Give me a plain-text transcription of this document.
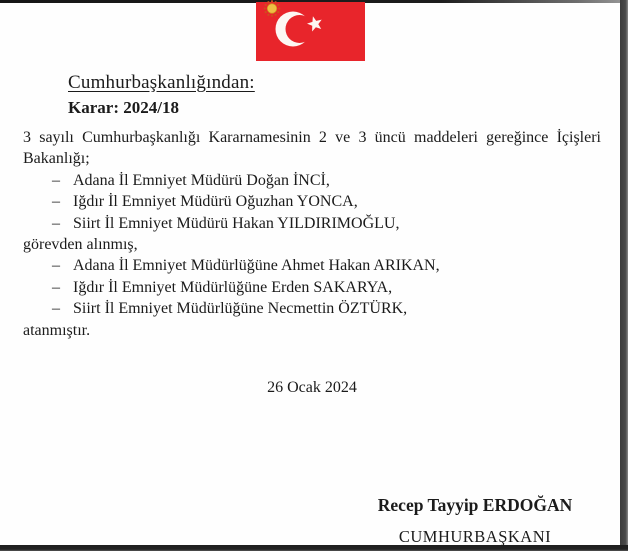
Cumhurbaşkanlığından:
Karar: 2024/18
3 sayılı Cumhurbaşkanlığı Kararnamesinin 2 ve 3 üncü maddeleri gereğince İçişleri
Bakanlığı;
– Adana İl Emniyet Müdürü Doğan İNCİ,
– Iğdır İl Emniyet Müdürü Oğuzhan YONCA,
– Siirt İl Emniyet Müdürü Hakan YILDIRIMOĞLU,
görevden alınmış,
– Adana İl Emniyet Müdürlüğüne Ahmet Hakan ARIKAN,
– Iğdır İl Emniyet Müdürlüğüne Erden SAKARYA,
– Siirt İl Emniyet Müdürlüğüne Necmettin ÖZTÜRK,
atanmıştır.
26 Ocak 2024
Recep Tayyip ERDOĞAN
CUMHURBAŞKANI
